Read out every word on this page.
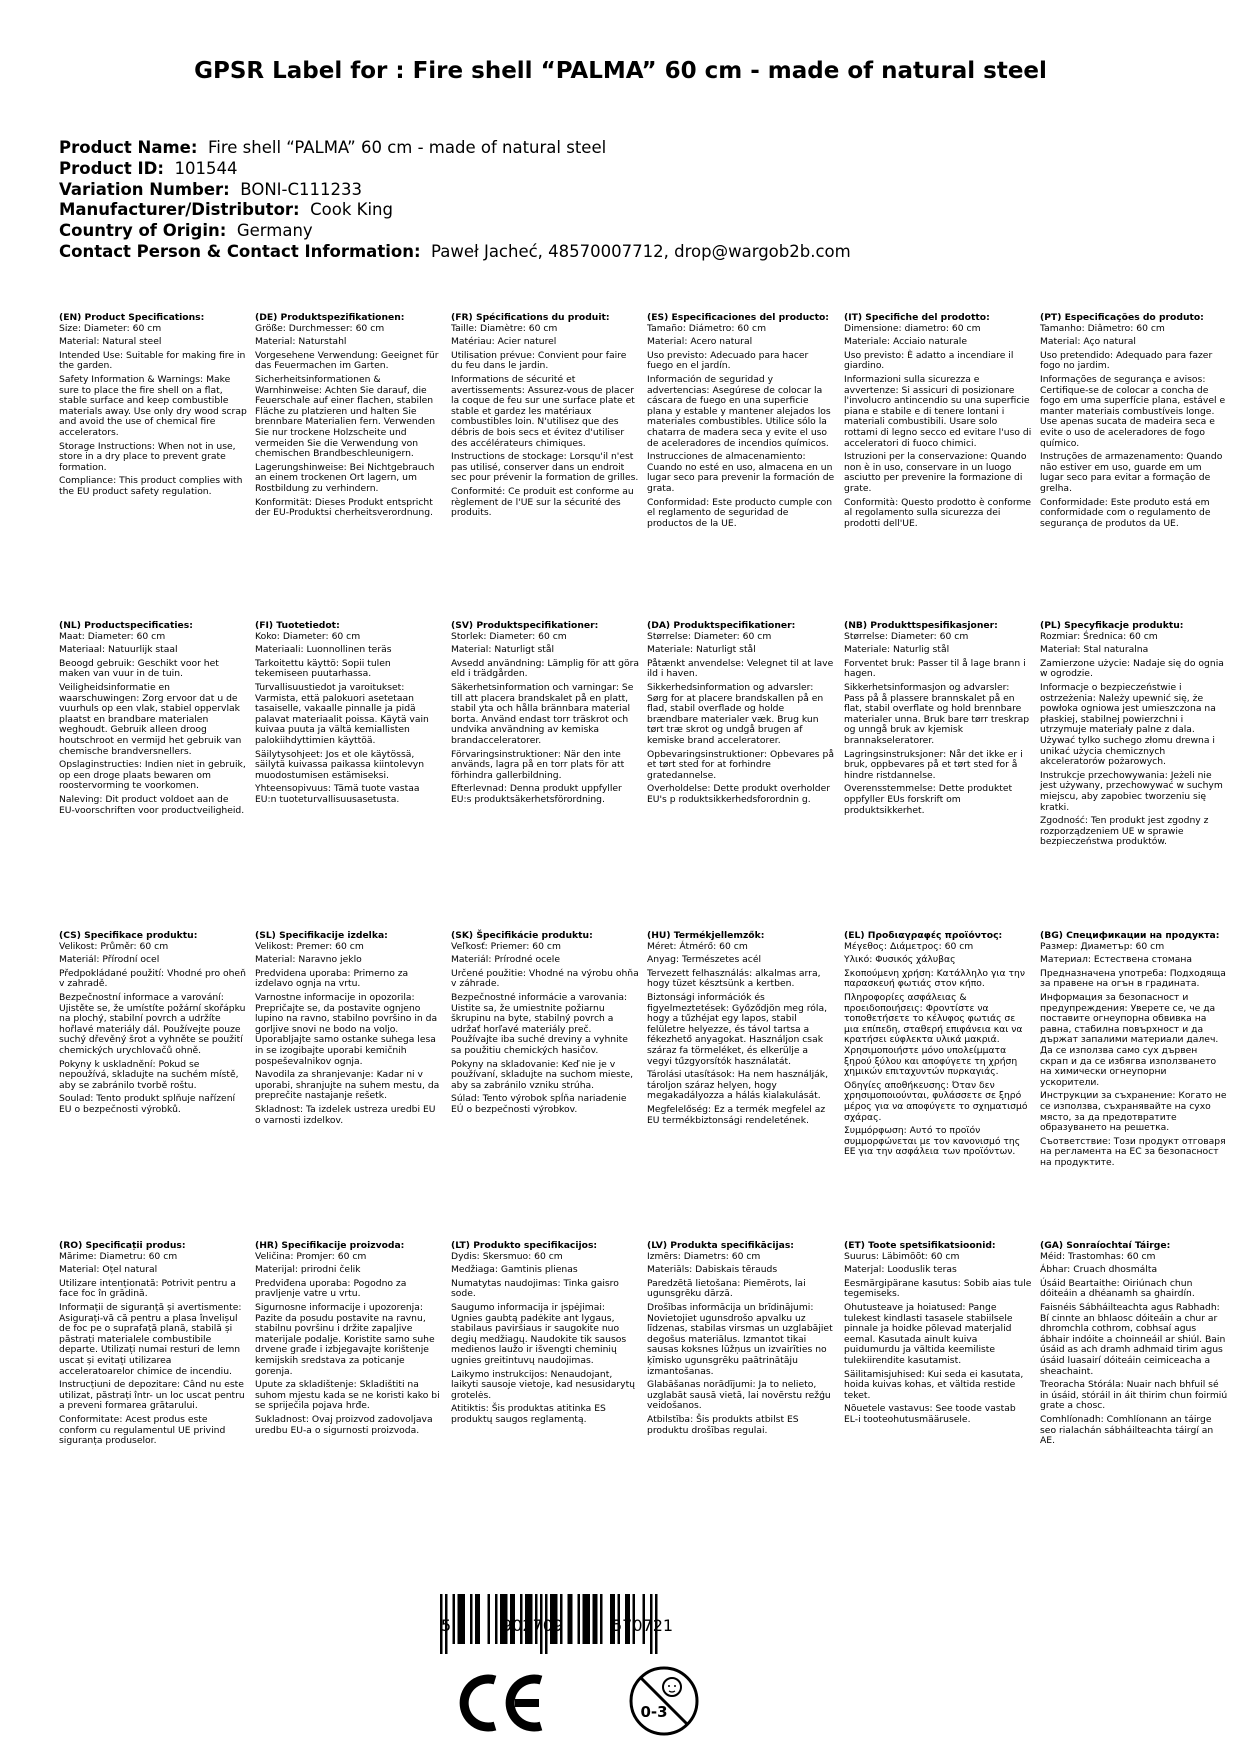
GPSR Label for : Fire shell “PALMA” 60 cm - made of natural steel
Product Name: Fire shell “PALMA” 60 cm - made of natural steel
Product ID: 101544
Variation Number: BONI-C111233
Manufacturer/Distributor: Cook King
Country of Origin: Germany
Contact Person & Contact Information: Paweł Jacheć, 48570007712, drop@wargob2b.com
(EN) Product Specifications:

Size: Diameter: 60 cm

Material: Natural steel

Intended Use: Suitable for making fire in the garden.

Safety Information & Warnings: Make sure to place the fire shell on a flat, stable surface and keep combustible materials away. Use only dry wood scrap and avoid the use of chemical fire accelerators.

Storage Instructions: When not in use, store in a dry place to prevent grate formation.

Compliance: This product complies with the EU product safety regulation.

(DE) Produktspezifikationen:

Größe: Durchmesser: 60 cm

Material: Naturstahl

Vorgesehene Verwendung: Geeignet für das Feuermachen im Garten.

Sicherheitsinformationen & Warnhinweise: Achten Sie darauf, die Feuerschale auf einer flachen, stabilen Fläche zu platzieren und halten Sie brennbare Materialien fern. Verwenden Sie nur trockene Holzscheite und vermeiden Sie die Verwendung von chemischen Brandbeschleunigern.

Lagerungshinweise: Bei Nichtgebrauch an einem trockenen Ort lagern, um Rostbildung zu verhindern.

Konformität: Dieses Produkt entspricht der EU-Produktsi cherheitsverordnung.

(FR) Spécifications du produit:

Taille: Diamètre: 60 cm

Matériau: Acier naturel

Utilisation prévue: Convient pour faire du feu dans le jardin.

Informations de sécurité et avertissements: Assurez-vous de placer la coque de feu sur une surface plate et stable et gardez les matériaux combustibles loin. N'utilisez que des débris de bois secs et évitez d'utiliser des accélérateurs chimiques.

Instructions de stockage: Lorsqu'il n'est pas utilisé, conserver dans un endroit sec pour prévenir la formation de grilles.

Conformité: Ce produit est conforme au règlement de l'UE sur la sécurité des produits.

(ES) Especificaciones del producto:

Tamaño: Diámetro: 60 cm

Material: Acero natural

Uso previsto: Adecuado para hacer fuego en el jardín.

Información de seguridad y advertencias: Asegúrese de colocar la cáscara de fuego en una superficie plana y estable y mantener alejados los materiales combustibles. Utilice sólo la chatarra de madera seca y evite el uso de aceleradores de incendios químicos.

Instrucciones de almacenamiento: Cuando no esté en uso, almacena en un lugar seco para prevenir la formación de grata.

Conformidad: Este producto cumple con el reglamento de seguridad de productos de la UE.

(IT) Specifiche del prodotto:

Dimensione: diametro: 60 cm

Materiale: Acciaio naturale

Uso previsto: È adatto a incendiare il giardino.

Informazioni sulla sicurezza e avvertenze: Si assicuri di posizionare l'involucro antincendio su una superficie piana e stabile e di tenere lontani i materiali combustibili. Usare solo rottami di legno secco ed evitare l'uso di acceleratori di fuoco chimici.

Istruzioni per la conservazione: Quando non è in uso, conservare in un luogo asciutto per prevenire la formazione di grate.

Conformità: Questo prodotto è conforme al regolamento sulla sicurezza dei prodotti dell'UE.

(PT) Especificações do produto:

Tamanho: Diâmetro: 60 cm

Material: Aço natural

Uso pretendido: Adequado para fazer fogo no jardim.

Informações de segurança e avisos: Certifique-se de colocar a concha de fogo em uma superfície plana, estável e manter materiais combustíveis longe. Use apenas sucata de madeira seca e evite o uso de aceleradores de fogo químico.

Instruções de armazenamento: Quando não estiver em uso, guarde em um lugar seco para evitar a formação de grelha.

Conformidade: Este produto está em conformidade com o regulamento de segurança de produtos da UE.

(NL) Productspecificaties:

Maat: Diameter: 60 cm

Materiaal: Natuurlijk staal

Beoogd gebruik: Geschikt voor het maken van vuur in de tuin.

Veiligheidsinformatie en waarschuwingen: Zorg ervoor dat u de vuurhuls op een vlak, stabiel oppervlak plaatst en brandbare materialen weghoudt. Gebruik alleen droog houtschroot en vermijd het gebruik van chemische brandversnellers.

Opslaginstructies: Indien niet in gebruik, op een droge plaats bewaren om roostervorming te voorkomen.

Naleving: Dit product voldoet aan de EU-voorschriften voor productveiligheid.

(FI) Tuotetiedot:

Koko: Diameter: 60 cm

Materiaali: Luonnollinen teräs

Tarkoitettu käyttö: Sopii tulen tekemiseen puutarhassa.

Turvallisuustiedot ja varoitukset: Varmista, että palokuori asetetaan tasaiselle, vakaalle pinnalle ja pidä palavat materiaalit poissa. Käytä vain kuivaa puuta ja vältä kemiallisten palokiihdyttimien käyttöä.

Säilytysohjeet: Jos et ole käytössä, säilytä kuivassa paikassa kiintolevyn muodostumisen estämiseksi.

Yhteensopivuus: Tämä tuote vastaa EU:n tuoteturvallisuusasetusta.

(SV) Produktspecifikationer:

Storlek: Diameter: 60 cm

Material: Naturligt stål

Avsedd användning: Lämplig för att göra eld i trädgården.

Säkerhetsinformation och varningar: Se till att placera brandskalet på en platt, stabil yta och hålla brännbara material borta. Använd endast torr träskrot och undvika användning av kemiska brandacceleratorer.

Förvaringsinstruktioner: När den inte används, lagra på en torr plats för att förhindra gallerbildning.

Efterlevnad: Denna produkt uppfyller EU:s produktsäkerhetsförordning.

(DA) Produktspecifikationer:

Størrelse: Diameter: 60 cm

Materiale: Naturligt stål

Påtænkt anvendelse: Velegnet til at lave ild i haven.

Sikkerhedsinformation og advarsler: Sørg for at placere brandskallen på en flad, stabil overflade og holde brændbare materialer væk. Brug kun tørt træ skrot og undgå brugen af kemiske brand acceleratorer.

Opbevaringsinstruktioner: Opbevares på et tørt sted for at forhindre gratedannelse.

Overholdelse: Dette produkt overholder EU's p roduktsikkerhedsforordnin g.

(NB) Produkttspesifikasjoner:

Størrelse: Diameter: 60 cm

Materiale: Naturlig stål

Forventet bruk: Passer til å lage brann i hagen.

Sikkerhetsinformasjon og advarsler: Pass på å plassere brannskalet på en flat, stabil overflate og hold brennbare materialer unna. Bruk bare tørr treskrap og unngå bruk av kjemisk brannakseleratorer.

Lagringsinstruksjoner: Når det ikke er i bruk, oppbevares på et tørt sted for å hindre ristdannelse.

Overensstemmelse: Dette produktet oppfyller EUs forskrift om produktsikkerhet.

(PL) Specyfikacje produktu:

Rozmiar: Średnica: 60 cm

Materiał: Stal naturalna

Zamierzone użycie: Nadaje się do ognia w ogrodzie.

Informacje o bezpieczeństwie i ostrzeżenia: Należy upewnić się, że powłoka ogniowa jest umieszczona na płaskiej, stabilnej powierzchni i utrzymuje materiały palne z dala. Używać tylko suchego złomu drewna i unikać użycia chemicznych akceleratorów pożarowych.

Instrukcje przechowywania: Jeżeli nie jest używany, przechowywać w suchym miejscu, aby zapobiec tworzeniu się kratki.

Zgodność: Ten produkt jest zgodny z rozporządzeniem UE w sprawie bezpieczeństwa produktów.

(CS) Specifikace produktu:

Velikost: Průměr: 60 cm

Materiál: Přírodní ocel

Předpokládané použití: Vhodné pro oheň v zahradě.

Bezpečnostní informace a varování: Ujistěte se, že umístíte požární skořápku na plochý, stabilní povrch a udržíte hořlavé materiály dál. Používejte pouze suchý dřevěný šrot a vyhněte se použití chemických urychlovačů ohně.

Pokyny k uskladnění: Pokud se nepoužívá, skladujte na suchém místě, aby se zabránilo tvorbě roštu.

Soulad: Tento produkt splňuje nařízení EU o bezpečnosti výrobků.

(SL) Specifikacije izdelka:

Velikost: Premer: 60 cm

Material: Naravno jeklo

Predvidena uporaba: Primerno za izdelavo ognja na vrtu.

Varnostne informacije in opozorila: Prepričajte se, da postavite ognjeno lupino na ravno, stabilno površino in da gorljive snovi ne bodo na voljo. Uporabljajte samo ostanke suhega lesa in se izogibajte uporabi kemičnih pospeševalnikov ognja.

Navodila za shranjevanje: Kadar ni v uporabi, shranjujte na suhem mestu, da preprečite nastajanje rešetk.

Skladnost: Ta izdelek ustreza uredbi EU o varnosti izdelkov.

(SK) Špecifikácie produktu:

Veľkosť: Priemer: 60 cm

Materiál: Prírodné ocele

Určené použitie: Vhodné na výrobu ohňa v záhrade.

Bezpečnostné informácie a varovania: Uistite sa, že umiestnite požiarnu škrupinu na byte, stabilný povrch a udržať horľavé materiály preč. Používajte iba suché dreviny a vyhnite sa použitiu chemických hasičov.

Pokyny na skladovanie: Keď nie je v používaní, skladujte na suchom mieste, aby sa zabránilo vzniku strúha.

Súlad: Tento výrobok spĺňa nariadenie EÚ o bezpečnosti výrobkov.

(HU) Termékjellemzők:

Méret: Átmérő: 60 cm

Anyag: Természetes acél

Tervezett felhasználás: alkalmas arra, hogy tüzet késztsünk a kertben.

Biztonsági információk és figyelmeztetések: Győződjön meg róla, hogy a tűzhéjat egy lapos, stabil felületre helyezze, és távol tartsa a fékezhető anyagokat. Használjon csak száraz fa törmeléket, és elkerülje a vegyi tűzgyorsítók használatát.

Tárolási utasítások: Ha nem használják, tároljon száraz helyen, hogy megakadályozza a hálás kialakulását.

Megfelelőség: Ez a termék megfelel az EU termékbiztonsági rendeletének.

(EL) Προδιαγραφές προϊόντος:

Μέγεθος: Διάμετρος: 60 cm

Υλικό: Φυσικός χάλυβας

Σκοπούμενη χρήση: Κατάλληλο για την παρασκευή φωτιάς στον κήπο.

Πληροφορίες ασφάλειας & προειδοποιήσεις: Φροντίστε να τοποθετήσετε το κέλυφος φωτιάς σε μια επίπεδη, σταθερή επιφάνεια και να κρατήσει εύφλεκτα υλικά μακριά. Χρησιμοποιήστε μόνο υπολείμματα ξηρού ξύλου και αποφύγετε τη χρήση χημικών επιταχυντών πυρκαγιάς.

Οδηγίες αποθήκευσης: Όταν δεν χρησιμοποιούνται, φυλάσσετε σε ξηρό μέρος για να αποφύγετε το σχηματισμό σχάρας.

Συμμόρφωση: Αυτό το προϊόν συμμορφώνεται με τον κανονισμό της ΕΕ για την ασφάλεια των προϊόντων.

(BG) Спецификации на продукта:

Размер: Диаметър: 60 cm

Материал: Естествена стомана

Предназначена употреба: Подходяща за правене на огън в градината.

Информация за безопасност и предупреждения: Уверете се, че да поставите огнеупорна обвивка на равна, стабилна повърхност и да държат запалими материали далеч. Да се използва само сух дървен скрап и да се избягва използването на химически огнеупорни ускорители.

Инструкции за съхранение: Когато не се използва, съхранявайте на сухо място, за да предотвратите образуването на решетка.

Съответствие: Този продукт отговаря на регламента на ЕС за безопасност на продуктите.

(RO) Specificații produs:

Mărime: Diametru: 60 cm

Material: Oțel natural

Utilizare intenționată: Potrivit pentru a face foc în grădină.

Informații de siguranță și avertismente: Asigurați-vă că pentru a plasa învelișul de foc pe o suprafață plană, stabilă și păstrați materialele combustibile departe. Utilizați numai resturi de lemn uscat și evitați utilizarea acceleratoarelor chimice de incendiu.

Instrucțiuni de depozitare: Când nu este utilizat, păstrați într- un loc uscat pentru a preveni formarea grătarului.

Conformitate: Acest produs este conform cu regulamentul UE privind siguranța produselor.

(HR) Specifikacije proizvoda:

Veličina: Promjer: 60 cm

Materijal: prirodni čelik

Predviđena uporaba: Pogodno za pravljenje vatre u vrtu.

Sigurnosne informacije i upozorenja: Pazite da posudu postavite na ravnu, stabilnu površinu i držite zapaljive materijale podalje. Koristite samo suhe drvene građe i izbjegavajte korištenje kemijskih sredstava za poticanje gorenja.

Upute za skladištenje: Skladištiti na suhom mjestu kada se ne koristi kako bi se spriječila pojava hrđe.

Sukladnost: Ovaj proizvod zadovoljava uredbu EU-a o sigurnosti proizvoda.

(LT) Produkto specifikacijos:

Dydis: Skersmuo: 60 cm

Medžiaga: Gamtinis plienas

Numatytas naudojimas: Tinka gaisro sode.

Saugumo informacija ir įspėjimai: Ugnies gaubtą padėkite ant lygaus, stabilaus paviršiaus ir saugokite nuo degių medžiagų. Naudokite tik sausos medienos laužo ir išvengti cheminių ugnies greitintuvų naudojimas.

Laikymo instrukcijos: Nenaudojant, laikyti sausoje vietoje, kad nesusidarytų grotelės.

Atitiktis: Šis produktas atitinka ES produktų saugos reglamentą.

(LV) Produkta specifikācijas:

Izmērs: Diametrs: 60 cm

Materiāls: Dabiskais tērauds

Paredzētā lietošana: Piemērots, lai ugunsgrēku dārzā.

Drošības informācija un brīdinājumi: Novietojiet ugunsdrošo apvalku uz līdzenas, stabilas virsmas un uzglabājiet degošus materiālus. Izmantot tikai sausas koksnes lūžņus un izvairīties no ķīmisko ugunsgrēku paātrinātāju izmantošanas.

Glabāšanas norādījumi: Ja to nelieto, uzglabāt sausā vietā, lai novērstu režģu veidošanos.

Atbilstība: Šis produkts atbilst ES produktu drošības regulai.

(ET) Toote spetsifikatsioonid:

Suurus: Läbimõõt: 60 cm

Materjal: Looduslik teras

Eesmärgipärane kasutus: Sobib aias tule tegemiseks.

Ohutusteave ja hoiatused: Pange tulekest kindlasti tasasele stabiilsele pinnale ja hoidke põlevad materjalid eemal. Kasutada ainult kuiva puidumurdu ja vältida keemiliste tulekiirendite kasutamist.

Säilitamisjuhised: Kui seda ei kasutata, hoida kuivas kohas, et vältida restide teket.

Nõuetele vastavus: See toode vastab EL-i tooteohutusmäärusele.

(GA) Sonraíochtaí Táirge:

Méid: Trastomhas: 60 cm

Ábhar: Cruach dhosmálta

Úsáid Beartaithe: Oiriúnach chun dóiteáin a dhéanamh sa ghairdín.

Faisnéis Sábháilteachta agus Rabhadh: Bí cinnte an bhlaosc dóiteáin a chur ar dhromchla cothrom, cobhsaí agus ábhair indóite a choinneáil ar shiúl. Bain úsáid as ach dramh adhmaid tirim agus úsáid luasairí dóiteáin ceimiceacha a sheachaint.

Treoracha Stórála: Nuair nach bhfuil sé in úsáid, stóráil in áit thirim chun foirmiú grate a chosc.

Comhlíonadh: Comhlíonann an táirge seo rialachán sábháilteachta táirgí an AE.

5	902709	570721
0-3
